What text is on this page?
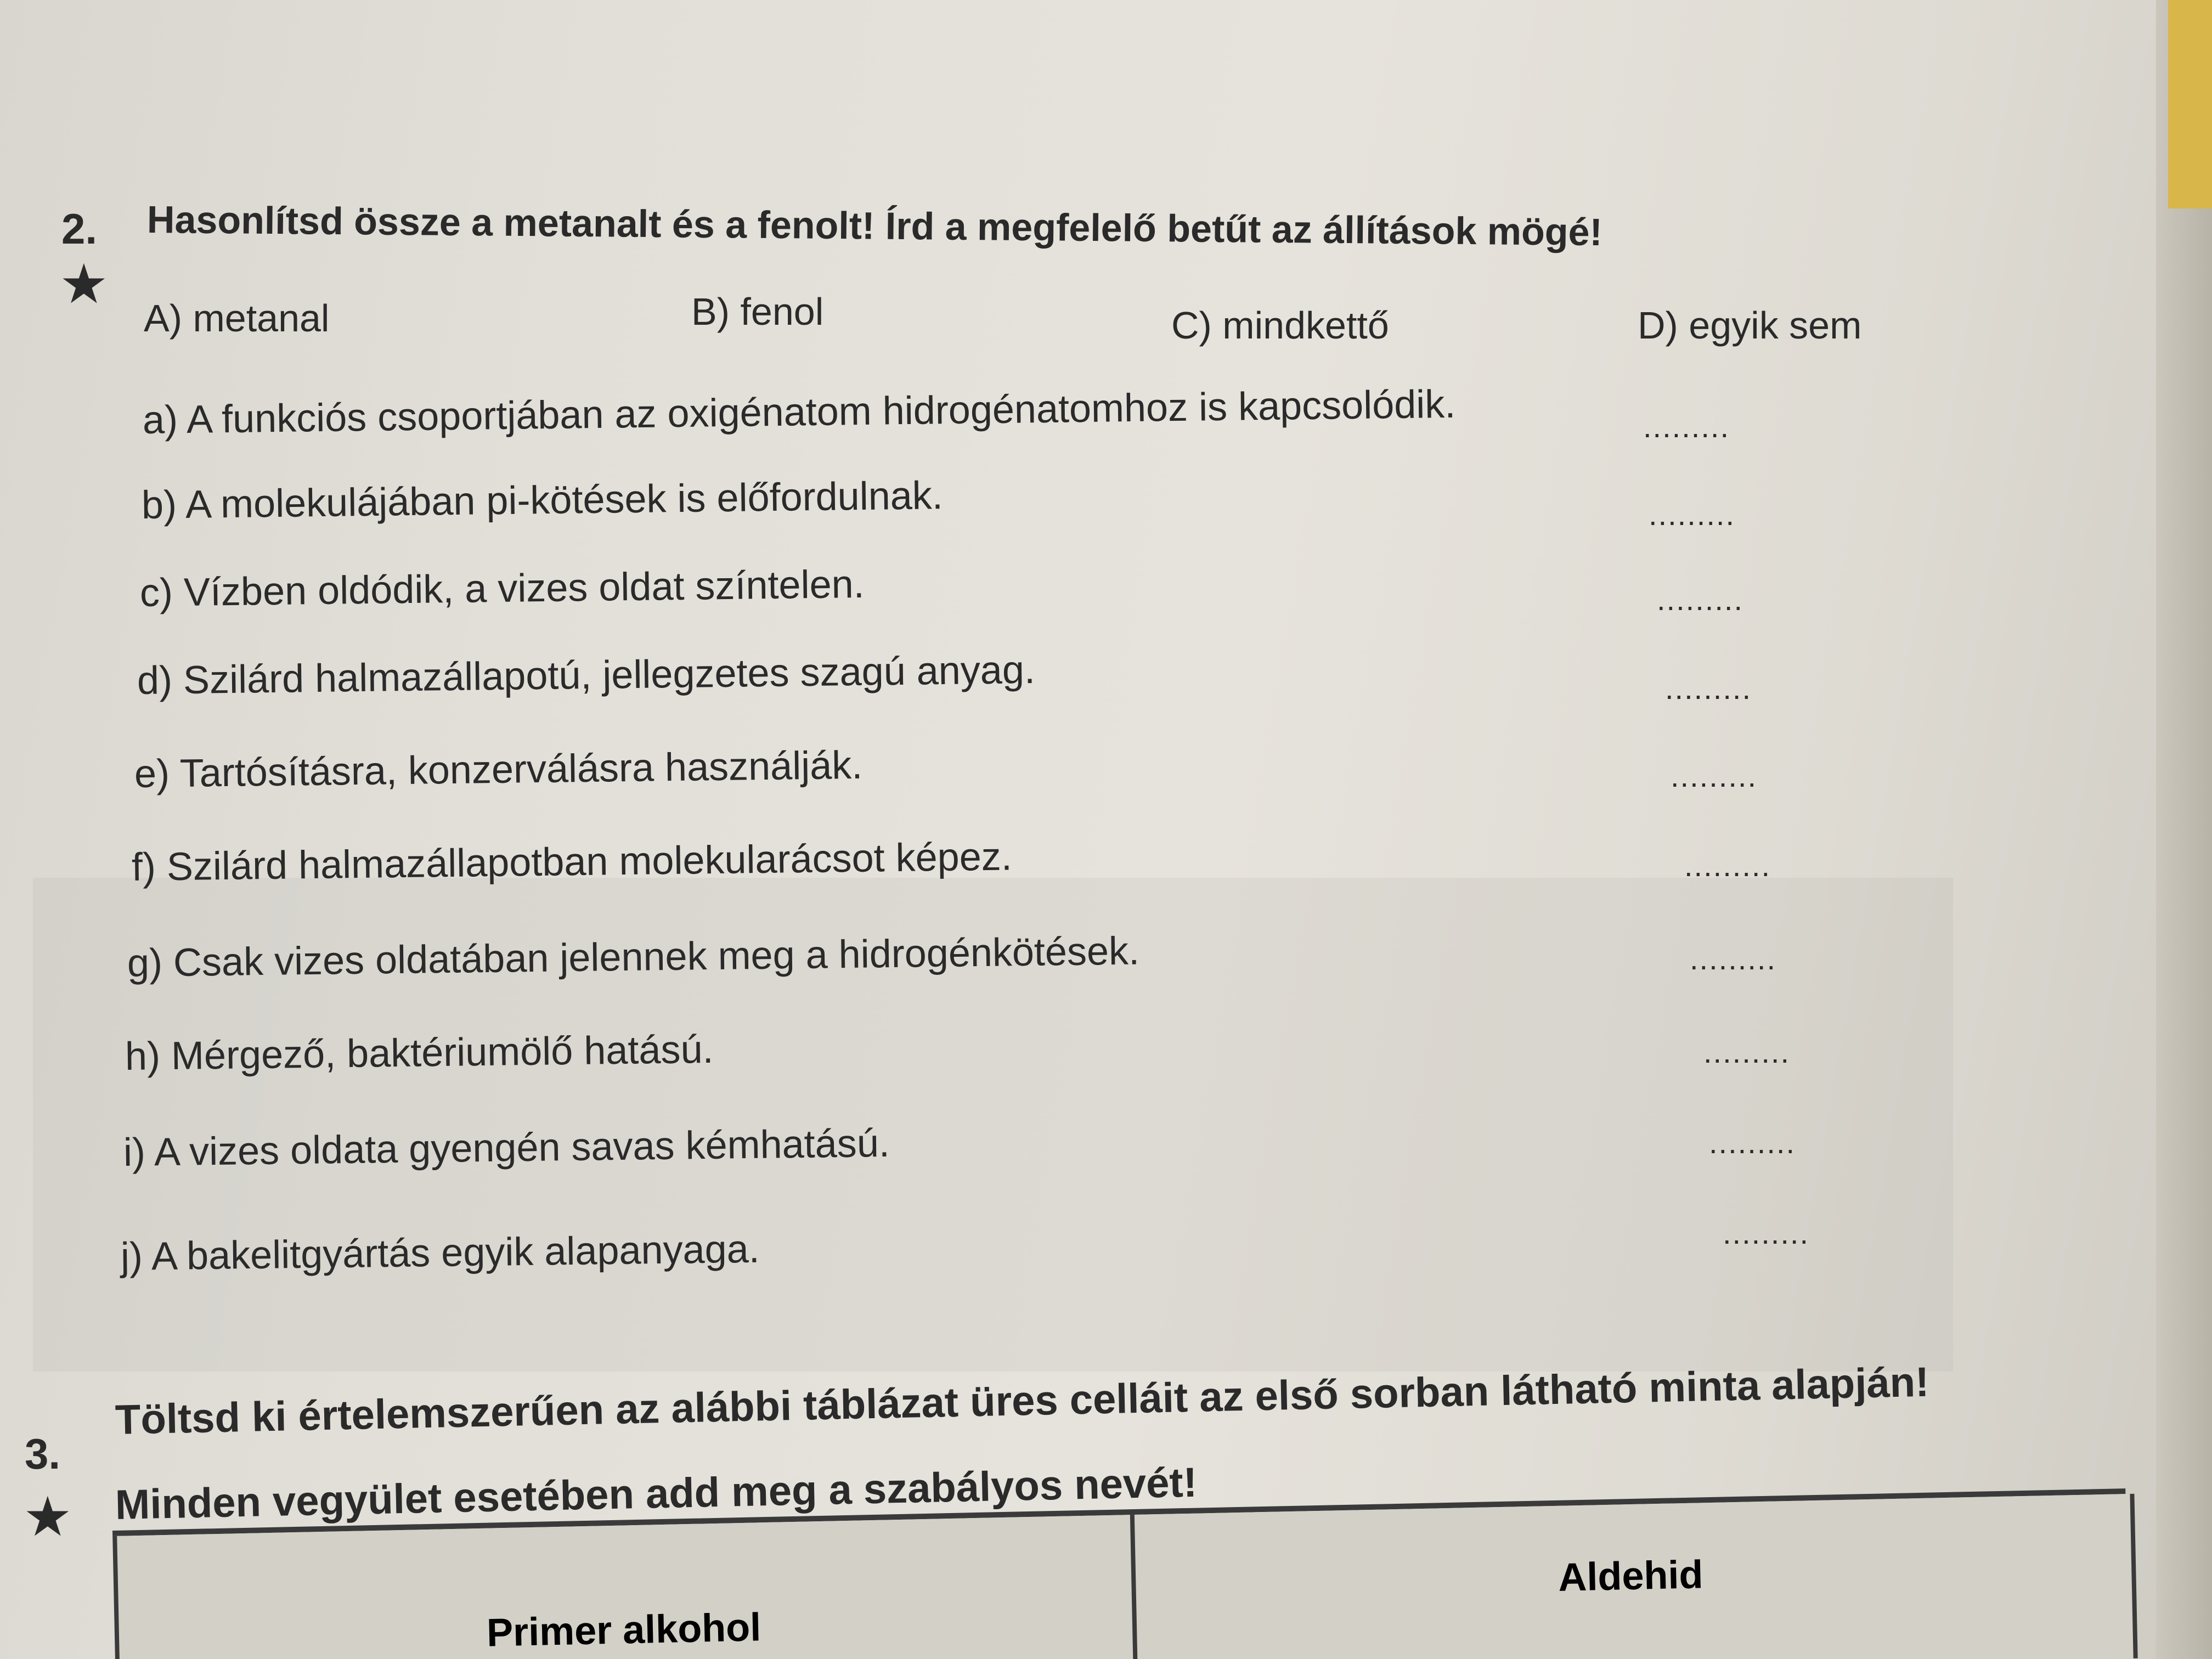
2. Hasonlítsd össze a metanalt és a fenolt! Írd a megfelelő betűt az állítások mögé!
★
A) metanal	B) fenol	C) mindkettő	D) egyik sem
a) A funkciós csoportjában az oxigénatom hidrogénatomhoz is kapcsolódik.	.........
b) A molekulájában pi-kötések is előfordulnak.	.........
c) Vízben oldódik, a vizes oldat színtelen.	.........
d) Szilárd halmazállapotú, jellegzetes szagú anyag.	.........
e) Tartósításra, konzerválásra használják.	.........
f) Szilárd halmazállapotban molekularácsot képez.	.........
g) Csak vizes oldatában jelennek meg a hidrogénkötések.	.........
h) Mérgező, baktériumölő hatású.	.........
i) A vizes oldata gyengén savas kémhatású.	.........
j) A bakelitgyártás egyik alapanyaga.	.........
3.
Töltsd ki értelemszerűen az alábbi táblázat üres celláit az első sorban látható minta alapján!
★ Minden vegyület esetében add meg a szabályos nevét!
Primer alkohol
Aldehid
